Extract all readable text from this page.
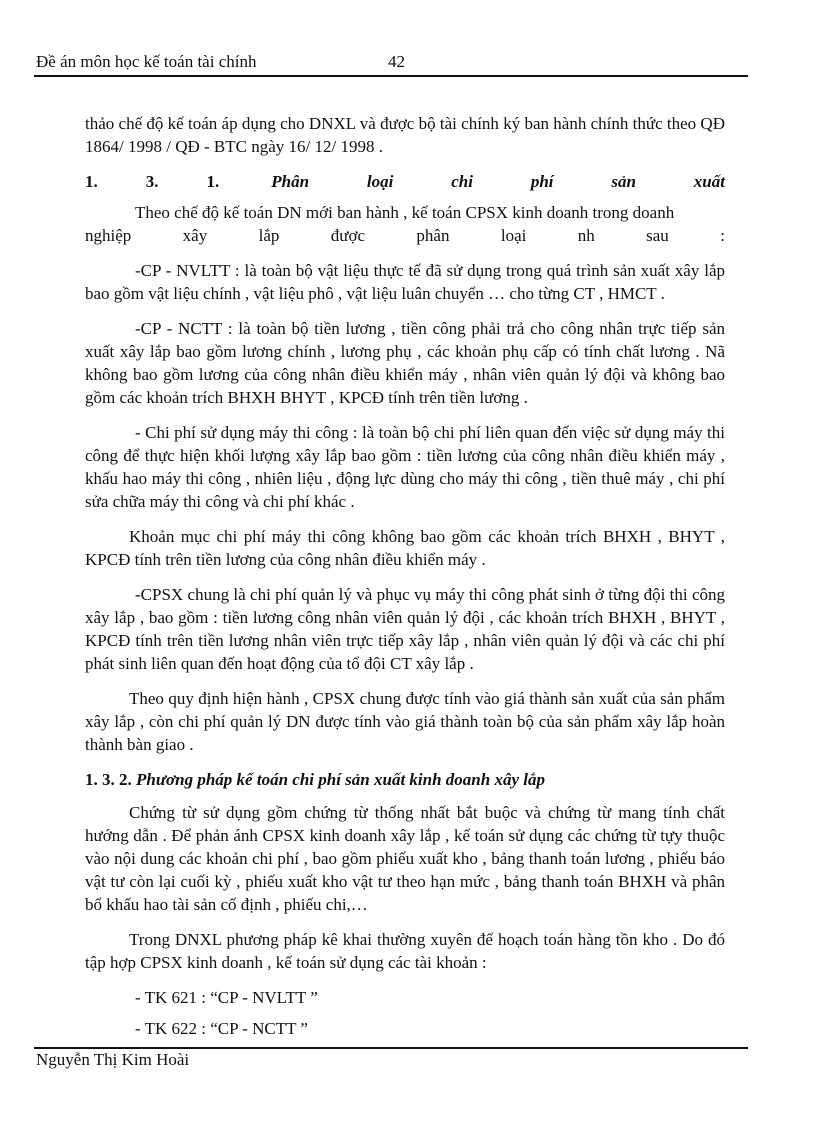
Đề án môn học kế toán tài chính	42

thảo chế độ kế toán áp dụng cho DNXL và được bộ tài chính ký ban hành chính thức theo QĐ 1864/ 1998 / QĐ - BTC ngày 16/ 12/ 1998 .

1.	3.	1.	Phân	loại	chi	phí	sản	xuất

Theo chế độ kế toán DN mới ban hành , kế toán CPSX kinh doanh trong doanh

nghiệp	xây	lắp	được	phân	loại	nh	sau	:

-CP - NVLTT : là toàn bộ vật liệu thực tế đã sử dụng trong quá trình sản xuất xây lắp bao gồm vật liệu chính , vật liệu phô , vật liệu luân chuyển … cho từng CT , HMCT .

-CP - NCTT : là toàn bộ tiền lương , tiền công phải trả cho công nhân trực tiếp sản xuất xây lắp bao gồm lương chính , lương phụ , các khoản phụ cấp có tính chất lương . Nã không bao gồm lương của công nhân điều khiển máy , nhân viên quản lý đội và không bao gồm các khoản trích BHXH BHYT , KPCĐ tính trên tiền lương .

- Chi phí sử dụng máy thi công : là toàn bộ chi phí liên quan đến việc sử dụng máy thi công để thực hiện khối lượng xây lắp bao gồm : tiền lương của công nhân điều khiển máy , khấu hao máy thi công , nhiên liệu , động lực dùng cho máy thi công , tiền thuê máy , chi phí sửa chữa máy thi công và chi phí khác .

Khoản mục chi phí máy thi công không bao gồm các khoản trích BHXH , BHYT , KPCĐ tính trên tiền lương của công nhân điều khiển máy .

-CPSX chung là chi phí quản lý và phục vụ máy thi công phát sinh ở từng đội thi công xây lắp , bao gồm : tiền lương công nhân viên quản lý đội , các khoản trích BHXH , BHYT , KPCĐ tính trên tiền lương nhân viên trực tiếp xây lắp , nhân viên quản lý đội và các chi phí phát sinh liên quan đến hoạt động của tổ đội CT xây lắp .

Theo quy định hiện hành , CPSX chung được tính vào giá thành sản xuất của sản phẩm xây lắp , còn chi phí quản lý DN được tính vào giá thành toàn bộ của sản phẩm xây lắp hoàn thành bàn giao .

1. 3. 2. Phương pháp kế toán chi phí sản xuất kinh doanh xây lắp

Chứng từ sử dụng gồm chứng từ thống nhất bắt buộc và chứng từ mang tính chất hướng dẫn . Để phản ánh CPSX kinh doanh xây lắp , kế toán sử dụng các chứng từ tựy thuộc vào nội dung các khoản chi phí , bao gồm phiếu xuất kho , bảng thanh toán lương , phiếu báo vật tư còn lại cuối kỳ , phiếu xuất kho vật tư theo hạn mức , bảng thanh toán BHXH và phân bổ khấu hao tài sản cố định , phiếu chi,…

Trong DNXL phương pháp kê khai thường xuyên để hoạch toán hàng tồn kho . Do đó tập hợp CPSX kinh doanh , kế toán sử dụng các tài khoản :

- TK 621 : “CP - NVLTT ”

- TK 622 : “CP - NCTT ”

Nguyễn Thị Kim Hoài
